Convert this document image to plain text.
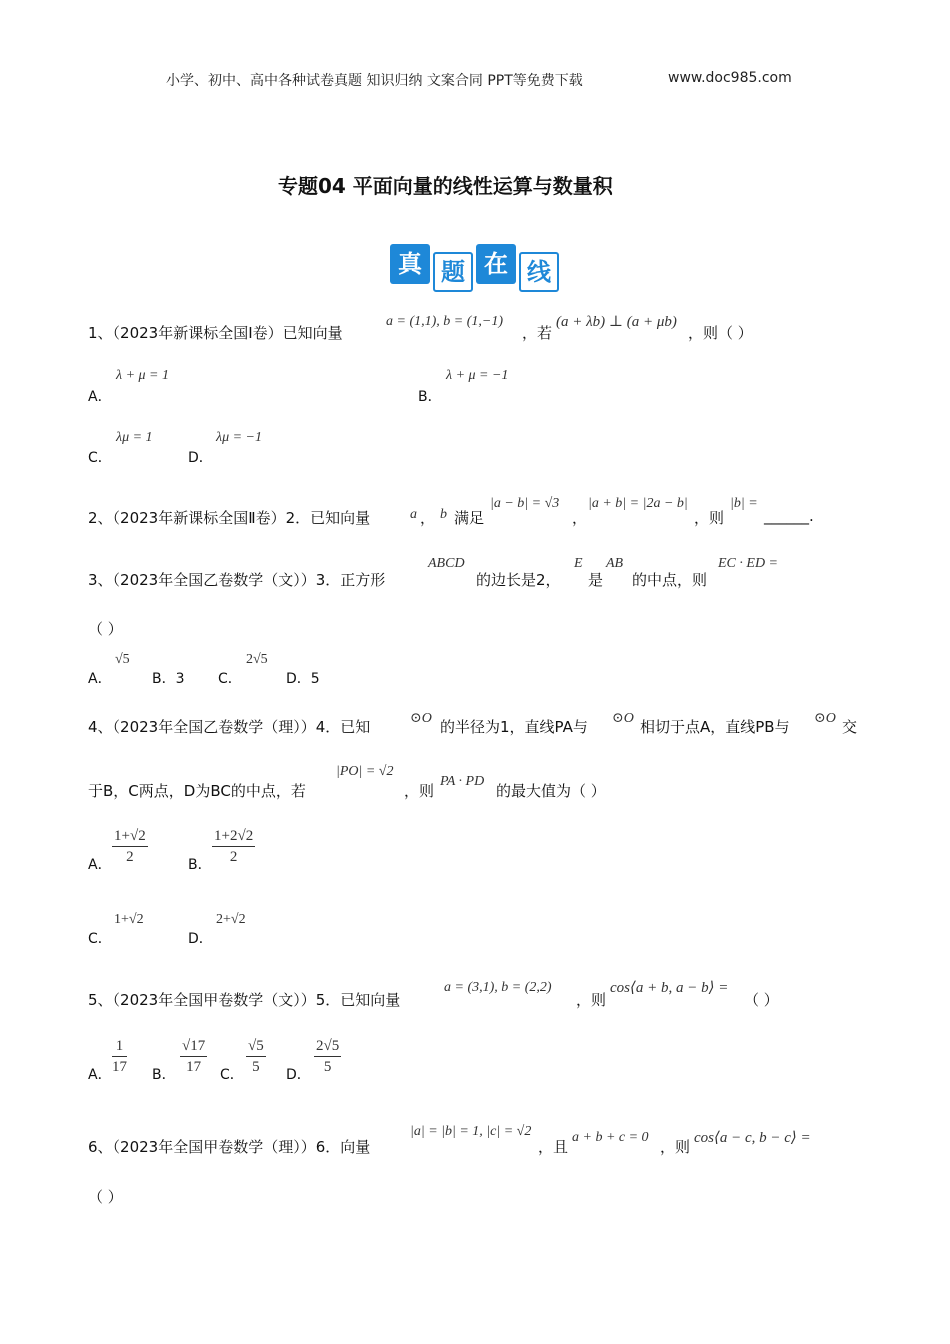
小学、初中、高中各种试卷真题 知识归纳 文案合同 PPT等免费下载	www.doc985.com
专题04 平面向量的线性运算与数量积
真 题 在 线
1、（2023年新课标全国Ⅰ卷）已知向量
a = (1,1), b = (1,−1)
，若
(a + λb) ⊥ (a + μb)
，则（ ）
A．
λ + μ = 1
B．
λ + μ = −1
C．
λμ = 1
D．
λμ = −1
2、（2023年新课标全国Ⅱ卷）2．已知向量	a ， b 满足
|a − b| = √3
，
|a + b| = |2a − b|
，则
|b| =
______.
3、（2023年全国乙卷数学（文））3．正方形
ABCD
的边长是2，
E
是
AB
的中点，则
EC · ED =
（ ）
A．
√5
B．3 C．
2√5
D．5
4、（2023年全国乙卷数学（理））4．已知	⊙O 的半径为1，直线PA与 ⊙O 相切于点A，直线PB与 ⊙O 交
于B，C两点，D为BC的中点，若
|PO| = √2
，则
PA · PD
的最大值为（ ）
A． $\frac{1+√2}{2}$	B． $\frac{1+2√2}{2}$
C．
1+√2
D．
2+√2
5、（2023年全国甲卷数学（文））5．已知向量
a = (3,1), b = (2,2)
，则
cos⟨a + b, a − b⟩ =
（ ）
A． $\frac{1}{17}$ B． $\frac{√17}{17}$ C． $\frac{√5}{5}$ D． $\frac{2√5}{5}$
6、（2023年全国甲卷数学（理））6．向量
|a| = |b| = 1, |c| = √2
，且
a + b + c = 0
，则 cos⟨a − c, b − c⟩ =
（ ）
